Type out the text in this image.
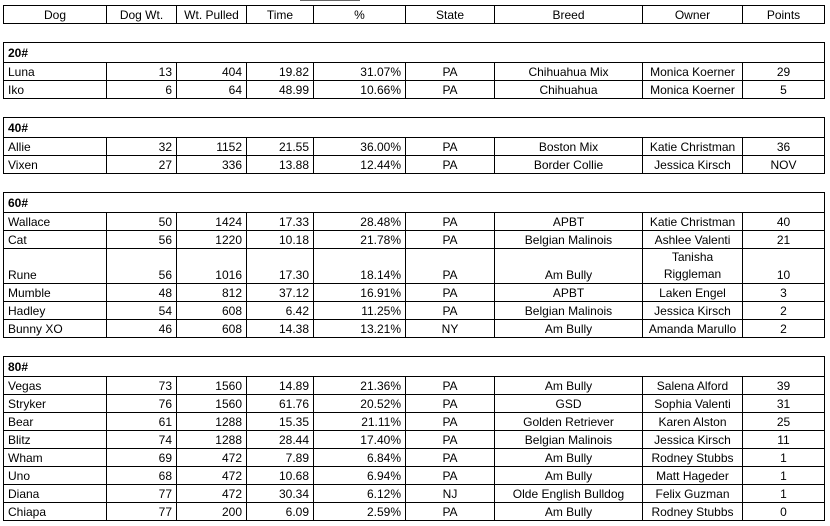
Dog	Dog Wt.	Wt. Pulled	Time	%	State	Breed	Owner	Points

20#								
Luna	13	404	19.82	31.07%	PA	Chihuahua Mix	Monica Koerner	29
Iko	6	64	48.99	10.66%	PA	Chihuahua	Monica Koerner	5

40#								
Allie	32	1152	21.55	36.00%	PA	Boston Mix	Katie Christman	36
Vixen	27	336	13.88	12.44%	PA	Border Collie	Jessica Kirsch	NOV

60#								
Wallace	50	1424	17.33	28.48%	PA	APBT	Katie Christman	40
Cat	56	1220	10.18	21.78%	PA	Belgian Malinois	Ashlee Valenti	21
Rune	56	1016	17.30	18.14%	PA	Am Bully	Tanisha Riggleman	10
Mumble	48	812	37.12	16.91%	PA	APBT	Laken Engel	3
Hadley	54	608	6.42	11.25%	PA	Belgian Malinois	Jessica Kirsch	2
Bunny XO	46	608	14.38	13.21%	NY	Am Bully	Amanda Marullo	2

80#								
Vegas	73	1560	14.89	21.36%	PA	Am Bully	Salena Alford	39
Stryker	76	1560	61.76	20.52%	PA	GSD	Sophia Valenti	31
Bear	61	1288	15.35	21.11%	PA	Golden Retriever	Karen Alston	25
Blitz	74	1288	28.44	17.40%	PA	Belgian Malinois	Jessica Kirsch	11
Wham	69	472	7.89	6.84%	PA	Am Bully	Rodney Stubbs	1
Uno	68	472	10.68	6.94%	PA	Am Bully	Matt Hageder	1
Diana	77	472	30.34	6.12%	NJ	Olde English Bulldog	Felix Guzman	1
Chiapa	77	200	6.09	2.59%	PA	Am Bully	Rodney Stubbs	0
